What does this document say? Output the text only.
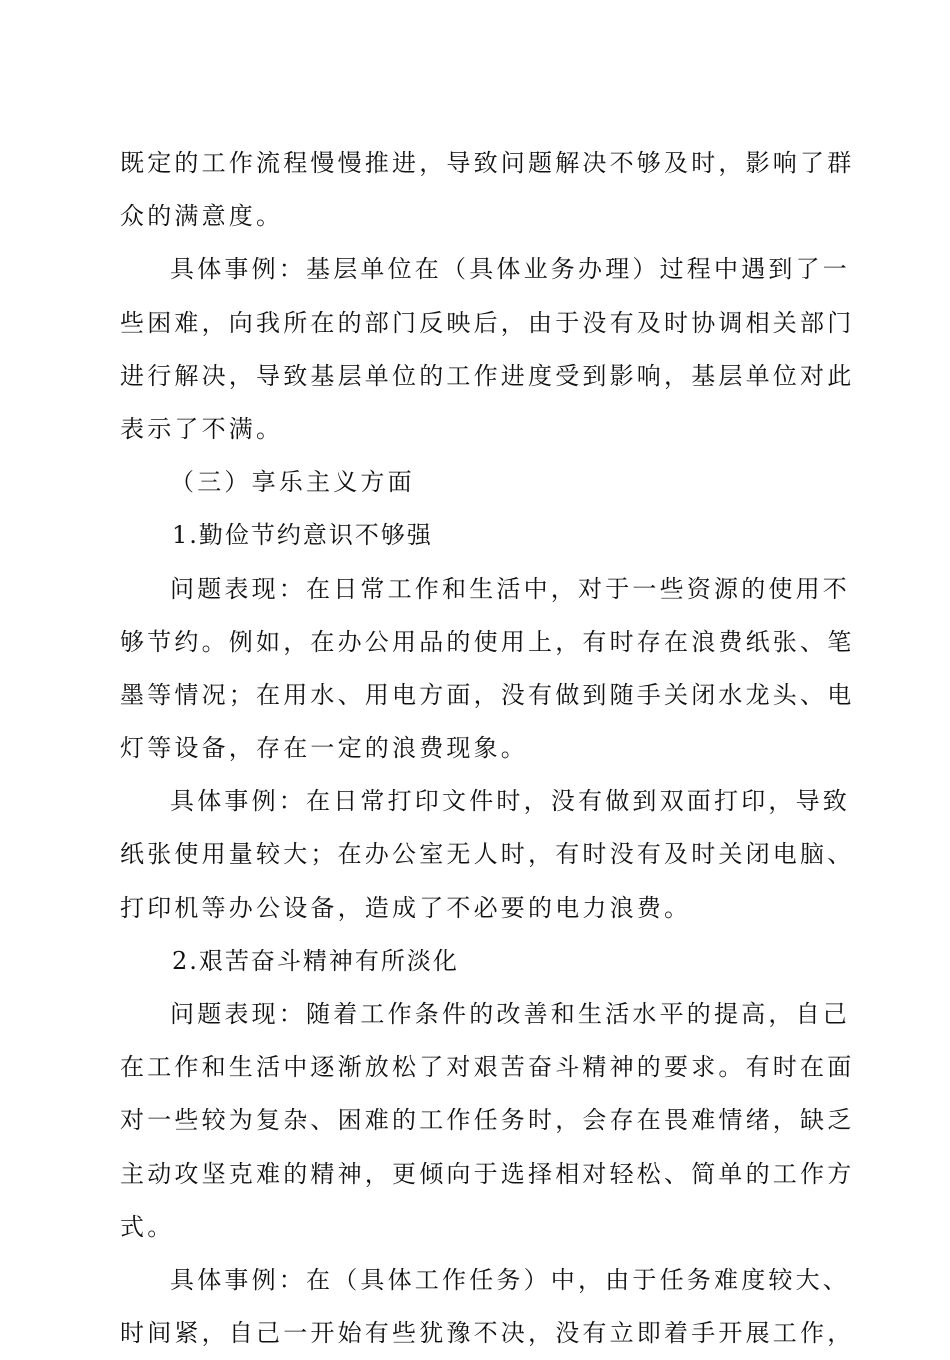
既定的工作流程慢慢推进，导致问题解决不够及时，影响了群
众的满意度。
具体事例：基层单位在（具体业务办理）过程中遇到了一
些困难，向我所在的部门反映后，由于没有及时协调相关部门
进行解决，导致基层单位的工作进度受到影响，基层单位对此
表示了不满。
（三）享乐主义方面
1.勤俭节约意识不够强
问题表现：在日常工作和生活中，对于一些资源的使用不
够节约。例如，在办公用品的使用上，有时存在浪费纸张、笔
墨等情况；在用水、用电方面，没有做到随手关闭水龙头、电
灯等设备，存在一定的浪费现象。
具体事例：在日常打印文件时，没有做到双面打印，导致
纸张使用量较大；在办公室无人时，有时没有及时关闭电脑、
打印机等办公设备，造成了不必要的电力浪费。
2.艰苦奋斗精神有所淡化
问题表现：随着工作条件的改善和生活水平的提高，自己
在工作和生活中逐渐放松了对艰苦奋斗精神的要求。有时在面
对一些较为复杂、困难的工作任务时，会存在畏难情绪，缺乏
主动攻坚克难的精神，更倾向于选择相对轻松、简单的工作方
式。
具体事例：在（具体工作任务）中，由于任务难度较大、
时间紧，自己一开始有些犹豫不决，没有立即着手开展工作，
